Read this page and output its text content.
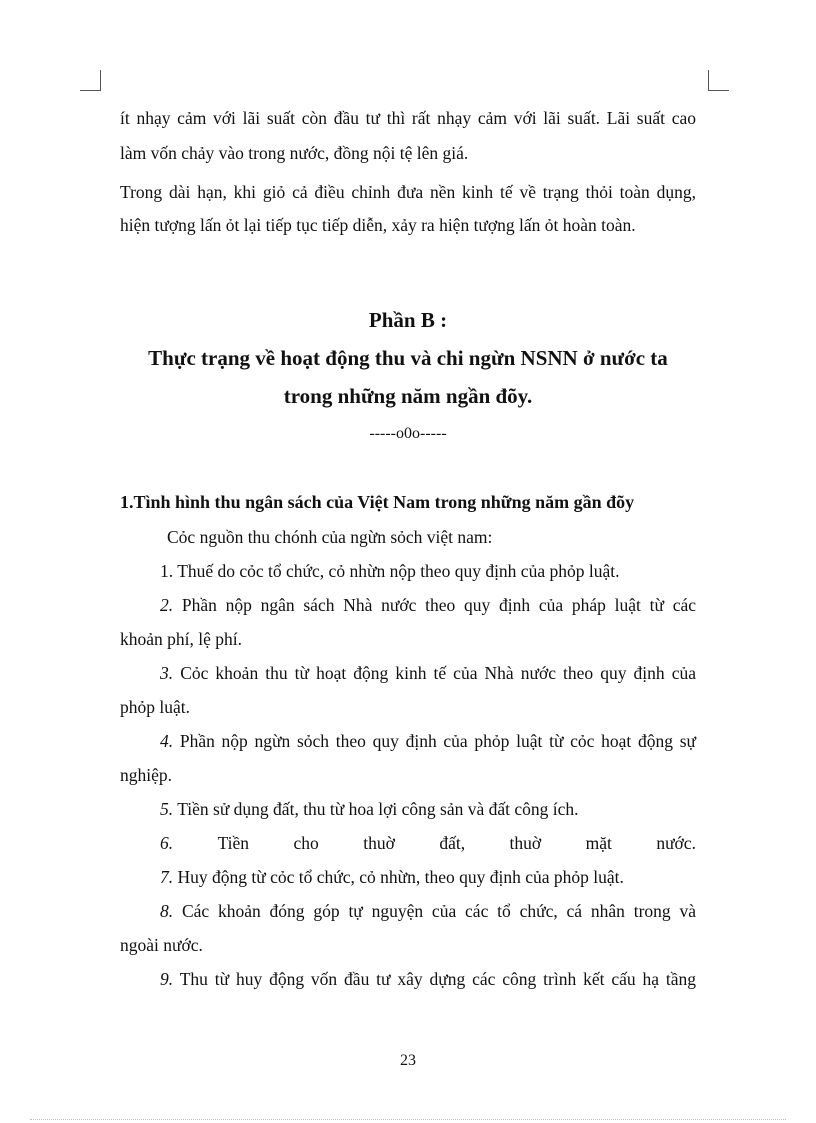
ít nhạy cảm với lãi suất còn đầu tư thì rất nhạy cảm với lãi suất. Lãi suất cao
làm vốn chảy vào trong nước, đồng nội tệ lên giá.
Trong dài hạn, khi giỏ cả điều chỉnh đưa nền kinh tế về trạng thỏi toàn dụng,
hiện tượng lấn ỏt lại tiếp tục tiếp diễn, xảy ra hiện tượng lấn ỏt hoàn toàn.
Phần B :
Thực trạng về hoạt động thu và chi ngừn NSNN ở nước ta
trong những năm ngần đõy.
-----o0o-----
1.Tình hình thu ngân sách của Việt Nam trong những năm gần đõy
Cỏc nguồn thu chónh của ngừn sỏch việt nam:
1. Thuế do cỏc tổ chức, cỏ nhừn nộp theo quy định của phỏp luật.
2. Phần nộp ngân sách Nhà nước theo quy định của pháp luật từ các
khoản phí, lệ phí.
3. Cỏc khoản thu từ hoạt động kinh tế của Nhà nước theo quy định của
phỏp luật.
4. Phần nộp ngừn sỏch theo quy định của phỏp luật từ cỏc hoạt động sự
nghiệp.
5. Tiền sử dụng đất, thu từ hoa lợi công sản và đất công ích.
6.	Tiền	cho	thuờ	đất,	thuờ	mặt	nước.
7. Huy động từ cỏc tổ chức, cỏ nhừn, theo quy định của phỏp luật.
8. Các khoản đóng góp tự nguyện của các tổ chức, cá nhân trong và
ngoài nước.
9. Thu từ huy động vốn đầu tư xây dựng các công trình kết cấu hạ tầng
23
